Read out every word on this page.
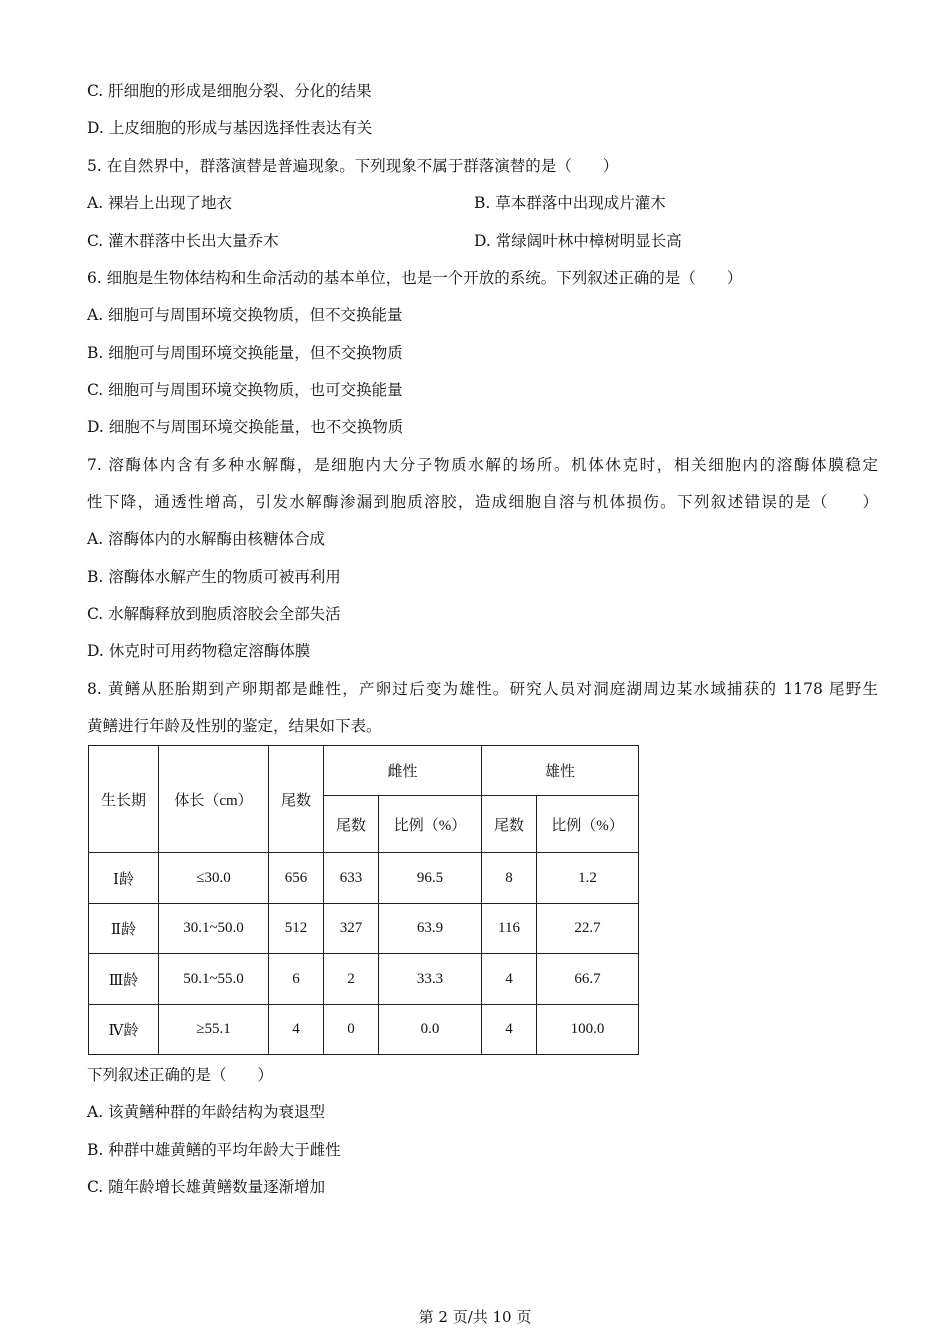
C. 肝细胞的形成是细胞分裂、分化的结果
D. 上皮细胞的形成与基因选择性表达有关
5. 在自然界中，群落演替是普遍现象。下列现象不属于群落演替的是（　　）
A. 裸岩上出现了地衣	B. 草本群落中出现成片灌木
C. 灌木群落中长出大量乔木	D. 常绿阔叶林中樟树明显长高
6. 细胞是生物体结构和生命活动的基本单位，也是一个开放的系统。下列叙述正确的是（　　）
A. 细胞可与周围环境交换物质，但不交换能量
B. 细胞可与周围环境交换能量，但不交换物质
C. 细胞可与周围环境交换物质，也可交换能量
D. 细胞不与周围环境交换能量，也不交换物质
7. 溶酶体内含有多种水解酶，是细胞内大分子物质水解的场所。机体休克时，相关细胞内的溶酶体膜稳定
性下降，通透性增高，引发水解酶渗漏到胞质溶胶，造成细胞自溶与机体损伤。下列叙述错误的是（　　）
A. 溶酶体内的水解酶由核糖体合成
B. 溶酶体水解产生的物质可被再利用
C. 水解酶释放到胞质溶胶会全部失活
D. 休克时可用药物稳定溶酶体膜
8. 黄鳝从胚胎期到产卵期都是雌性，产卵过后变为雄性。研究人员对洞庭湖周边某水域捕获的 1178 尾野生
黄鳝进行年龄及性别的鉴定，结果如下表。
生长期	体长（cm）	尾数	雌性		雄性	
			尾数	比例（%）	尾数	比例（%）
Ⅰ龄	≤30.0	656	633	96.5	8	1.2
Ⅱ龄	30.1~50.0	512	327	63.9	116	22.7
Ⅲ龄	50.1~55.0	6	2	33.3	4	66.7
Ⅳ龄	≥55.1	4	0	0.0	4	100.0
下列叙述正确的是（　　）
A. 该黄鳝种群的年龄结构为衰退型
B. 种群中雄黄鳝的平均年龄大于雌性
C. 随年龄增长雄黄鳝数量逐渐增加
第 2 页/共 10 页
